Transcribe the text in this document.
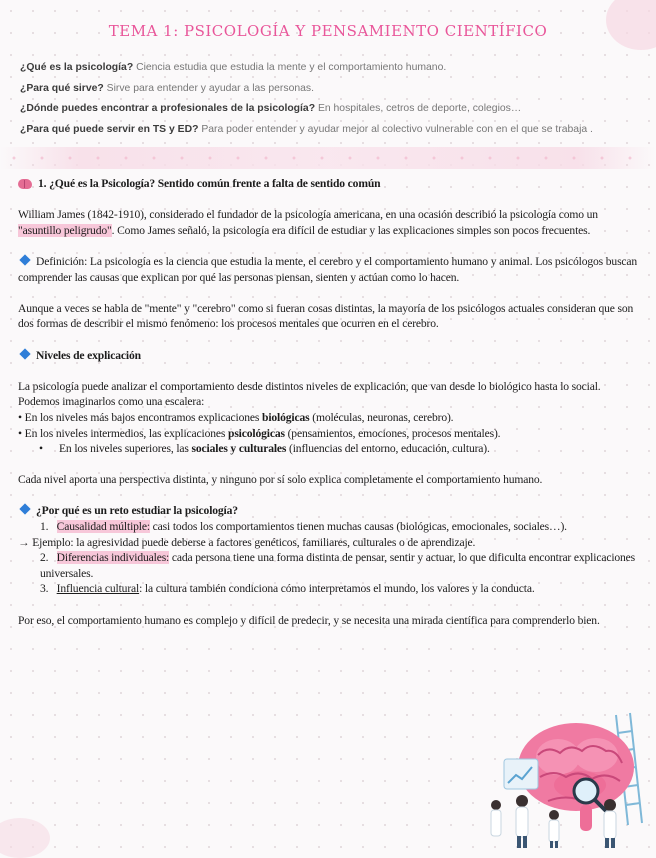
TEMA 1: PSICOLOGÍA Y PENSAMIENTO CIENTÍFICO
¿Qué es la psicología? Ciencia estudia que estudia la mente y el comportamiento humano.
¿Para qué sirve? Sirve para entender y ayudar a las personas.
¿Dónde puedes encontrar a profesionales de la psicología? En hospitales, cetros de deporte, colegios…
¿Para qué puede servir en TS y ED? Para poder entender y ayudar mejor al colectivo vulnerable con en el que se trabaja .

1. ¿Qué es la Psicología? Sentido común frente a falta de sentido común

William James (1842-1910), considerado el fundador de la psicología americana, en una ocasión describió la psicología como un "asuntillo peligrudo". Como James señaló, la psicología era difícil de estudiar y las explicaciones simples son pocos frecuentes.

Definición: La psicología es la ciencia que estudia la mente, el cerebro y el comportamiento humano y animal. Los psicólogos buscan comprender las causas que explican por qué las personas piensan, sienten y actúan como lo hacen.

Aunque a veces se habla de "mente" y "cerebro" como si fueran cosas distintas, la mayoría de los psicólogos actuales consideran que son dos formas de describir el mismo fenómeno: los procesos mentales que ocurren en el cerebro.

Niveles de explicación

La psicología puede analizar el comportamiento desde distintos niveles de explicación, que van desde lo biológico hasta lo social.

Podemos imaginarlos como una escalera:

• En los niveles más bajos encontramos explicaciones biológicas (moléculas, neuronas, cerebro).

• En los niveles intermedios, las explicaciones psicológicas (pensamientos, emociones, procesos mentales).

• En los niveles superiores, las sociales y culturales (influencias del entorno, educación, cultura).

Cada nivel aporta una perspectiva distinta, y ninguno por sí solo explica completamente el comportamiento humano.

¿Por qué es un reto estudiar la psicología?

1. Causalidad múltiple: casi todos los comportamientos tienen muchas causas (biológicas, emocionales, sociales…).

→ Ejemplo: la agresividad puede deberse a factores genéticos, familiares, culturales o de aprendizaje.

2. Diferencias individuales: cada persona tiene una forma distinta de pensar, sentir y actuar, lo que dificulta encontrar explicaciones universales.

3. Influencia cultural: la cultura también condiciona cómo interpretamos el mundo, los valores y la conducta.

Por eso, el comportamiento humano es complejo y difícil de predecir, y se necesita una mirada científica para comprenderlo bien.
